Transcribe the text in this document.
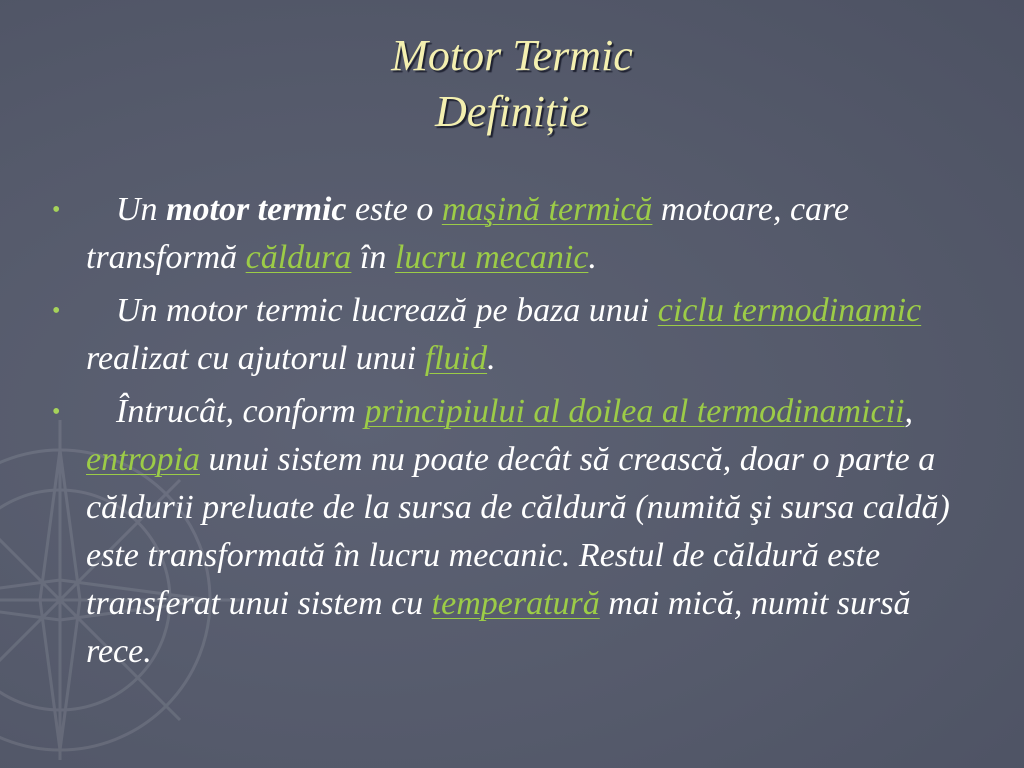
Motor Termic
Definiție
• Un motor termic este o maşină termică motoare, care transformă căldura în lucru mecanic.
• Un motor termic lucrează pe baza unui ciclu termodinamic realizat cu ajutorul unui fluid.
• Întrucât, conform principiului al doilea al termodinamicii, entropia unui sistem nu poate decât să crească, doar o parte a căldurii preluate de la sursa de căldură (numită şi sursa caldă) este transformată în lucru mecanic. Restul de căldură este transferat unui sistem cu temperatură mai mică, numit sursă rece.
